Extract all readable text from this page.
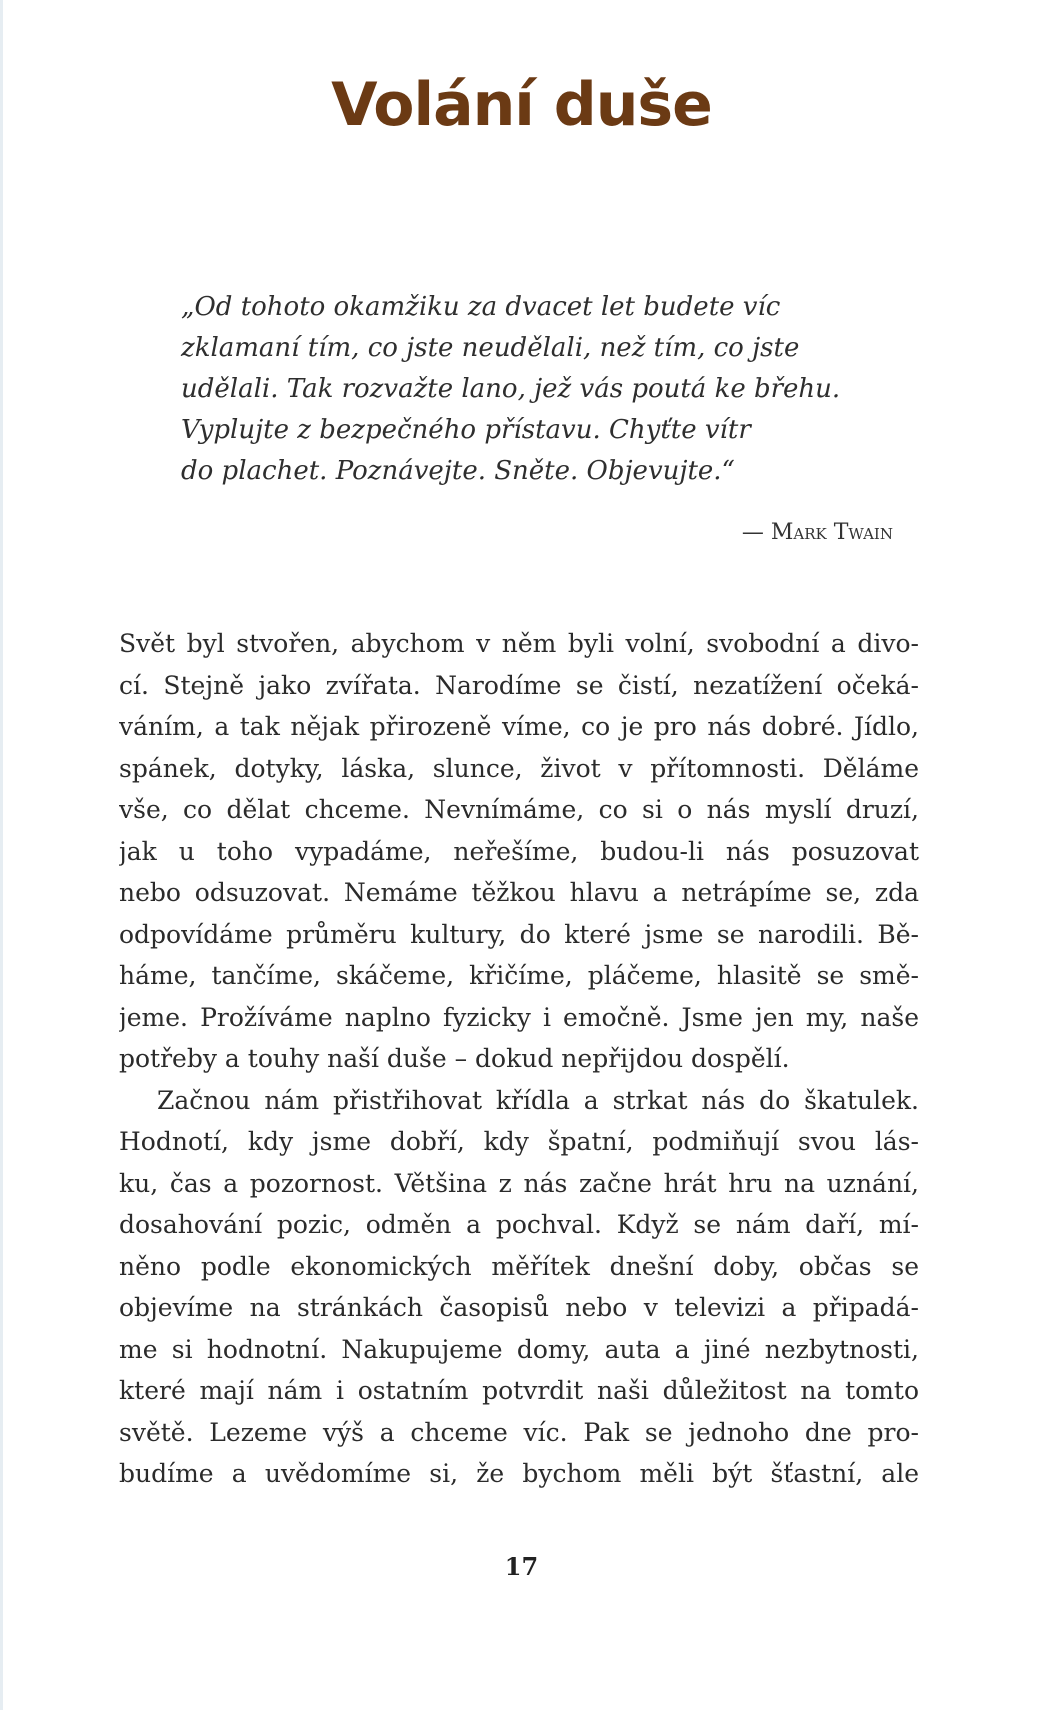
Volání duše
„Od tohoto okamžiku za dvacet let budete víc
zklamaní tím, co jste neudělali, než tím, co jste
udělali. Tak rozvažte lano, jež vás poutá ke břehu.
Vyplujte z bezpečného přístavu. Chyťte vítr
do plachet. Poznávejte. Sněte. Objevujte.“
— Mark Twain
Svět byl stvořen, abychom v něm byli volní, svobodní a divo-
cí. Stejně jako zvířata. Narodíme se čistí, nezatížení očeká-
váním, a tak nějak přirozeně víme, co je pro nás dobré. Jídlo,
spánek, dotyky, láska, slunce, život v přítomnosti. Děláme
vše, co dělat chceme. Nevnímáme, co si o nás myslí druzí,
jak u toho vypadáme, neřešíme, budou-li nás posuzovat
nebo odsuzovat. Nemáme těžkou hlavu a netrápíme se, zda
odpovídáme průměru kultury, do které jsme se narodili. Bě-
háme, tančíme, skáčeme, křičíme, pláčeme, hlasitě se smě-
jeme. Prožíváme naplno fyzicky i emočně. Jsme jen my, naše
potřeby a touhy naší duše – dokud nepřijdou dospělí.
Začnou nám přistřihovat křídla a strkat nás do škatulek.
Hodnotí, kdy jsme dobří, kdy špatní, podmiňují svou lás-
ku, čas a pozornost. Většina z nás začne hrát hru na uznání,
dosahování pozic, odměn a pochval. Když se nám daří, mí-
něno podle ekonomických měřítek dnešní doby, občas se
objevíme na stránkách časopisů nebo v televizi a připadá-
me si hodnotní. Nakupujeme domy, auta a jiné nezbytnosti,
které mají nám i ostatním potvrdit naši důležitost na tomto
světě. Lezeme výš a chceme víc. Pak se jednoho dne pro-
budíme a uvědomíme si, že bychom měli být šťastní, ale
17
